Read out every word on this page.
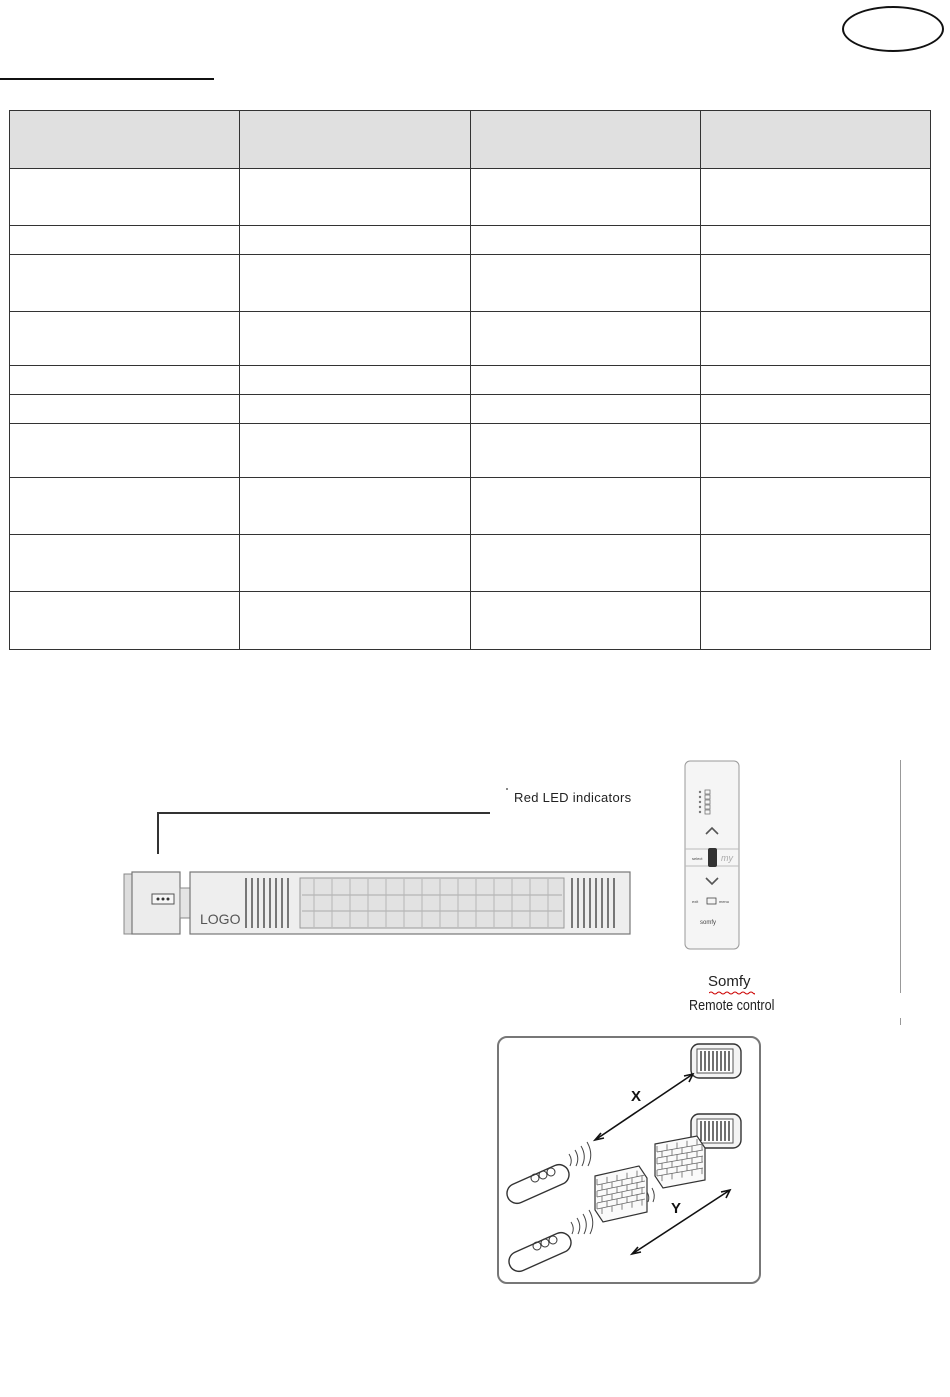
LOGO
Red LED indicators
select my
exit	menu
somfy
Somfy
Remote control
X
Y
